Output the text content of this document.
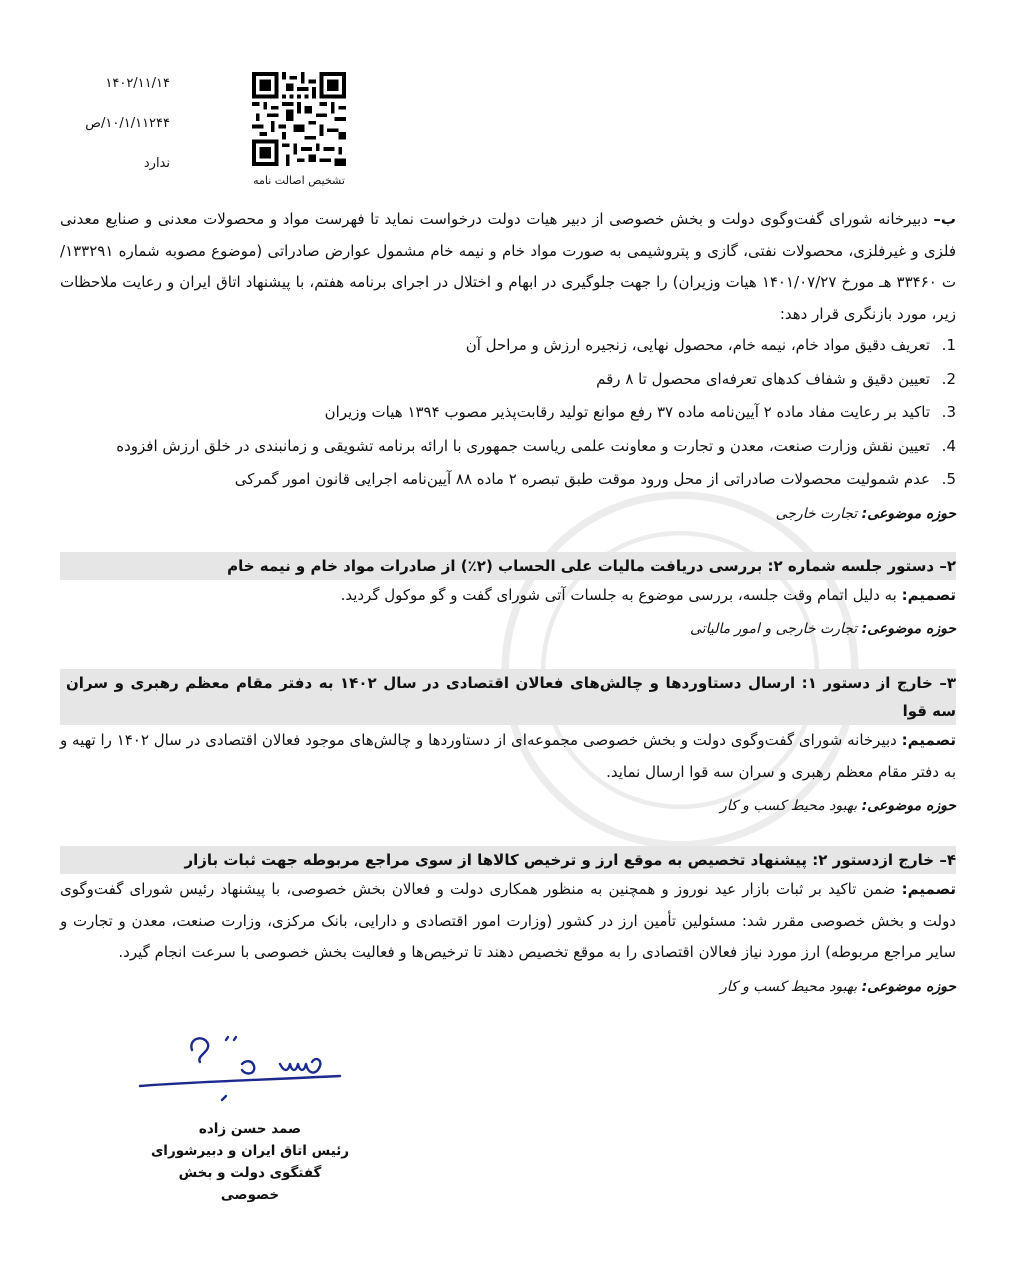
۱۴۰۲/۱۱/۱۴
۱۰/۱/۱۱۲۴۴/ص
ندارد
تشخیص اصالت نامه

ب– دبیرخانه شورای گفت‌وگوی دولت و بخش خصوصی از دبیر هیات دولت درخواست نماید تا فهرست مواد و محصولات معدنی و صنایع معدنی فلزی و غیرفلزی، محصولات نفتی، گازی و پتروشیمی به صورت مواد خام و نیمه خام مشمول عوارض صادراتی (موضوع مصوبه شماره ۱۳۳۲۹۱/ت ۳۳۴۶۰ هـ مورخ ۱۴۰۱/۰۷/۲۷ هیات وزیران) را جهت جلوگیری در ابهام و اختلال در اجرای برنامه هفتم، با پیشنهاد اتاق ایران و رعایت ملاحظات زیر، مورد بازنگری قرار دهد:

1.
تعریف دقیق مواد خام، نیمه خام، محصول نهایی، زنجیره ارزش و مراحل آن
2.
تعیین دقیق و شفاف کدهای تعرفه‌ای محصول تا ۸ رقم
3.
تاکید بر رعایت مفاد ماده ۲ آیین‌نامه ماده ۳۷ رفع موانع تولید رقابت‌پذیر مصوب ۱۳۹۴ هیات وزیران
4.
تعیین نقش وزارت صنعت، معدن و تجارت و معاونت علمی ریاست جمهوری با ارائه برنامه تشویقی و زمانبندی در خلق ارزش افزوده
5.
عدم شمولیت محصولات صادراتی از محل ورود موقت طبق تبصره ۲ ماده ۸۸ آیین‌نامه اجرایی قانون امور گمرکی

حوزه موضوعی: تجارت خارجی

۲– دستور جلسه شماره ۲: بررسی دریافت مالیات علی الحساب (۲٪) از صادرات مواد خام و نیمه خام

تصمیم: به دلیل اتمام وقت جلسه، بررسی موضوع به جلسات آتی شورای گفت و گو موکول گردید.

حوزه موضوعی: تجارت خارجی و امور مالیاتی

۳– خارج از دستور ۱: ارسال دستاوردها و چالش‌های فعالان اقتصادی در سال ۱۴۰۲ به دفتر مقام معظم رهبری و سران سه قوا

تصمیم: دبیرخانه شورای گفت‌وگوی دولت و بخش خصوصی مجموعه‌ای از دستاوردها و چالش‌های موجود فعالان اقتصادی در سال ۱۴۰۲ را تهیه و به دفتر مقام معظم رهبری و سران سه قوا ارسال نماید.

حوزه موضوعی: بهبود محیط کسب و کار

۴– خارج ازدستور ۲: پیشنهاد تخصیص به موقع ارز و ترخیص کالاها از سوی مراجع مربوطه جهت ثبات بازار

تصمیم: ضمن تاکید بر ثبات بازار عید نوروز و همچنین به منظور همکاری دولت و فعالان بخش خصوصی، با پیشنهاد رئیس شورای گفت‌وگوی دولت و بخش خصوصی مقرر شد: مسئولین تأمین ارز در کشور (وزارت امور اقتصادی و دارایی، بانک مرکزی، وزارت صنعت، معدن و تجارت و سایر مراجع مربوطه) ارز مورد نیاز فعالان اقتصادی را به موقع تخصیص دهند تا ترخیص‌ها و فعالیت بخش خصوصی با سرعت انجام گیرد.

حوزه موضوعی: بهبود محیط کسب و کار

صمد حسن زاده
رئیس اتاق ایران و دبیرشورای
گفتگوی دولت و بخش خصوصی
